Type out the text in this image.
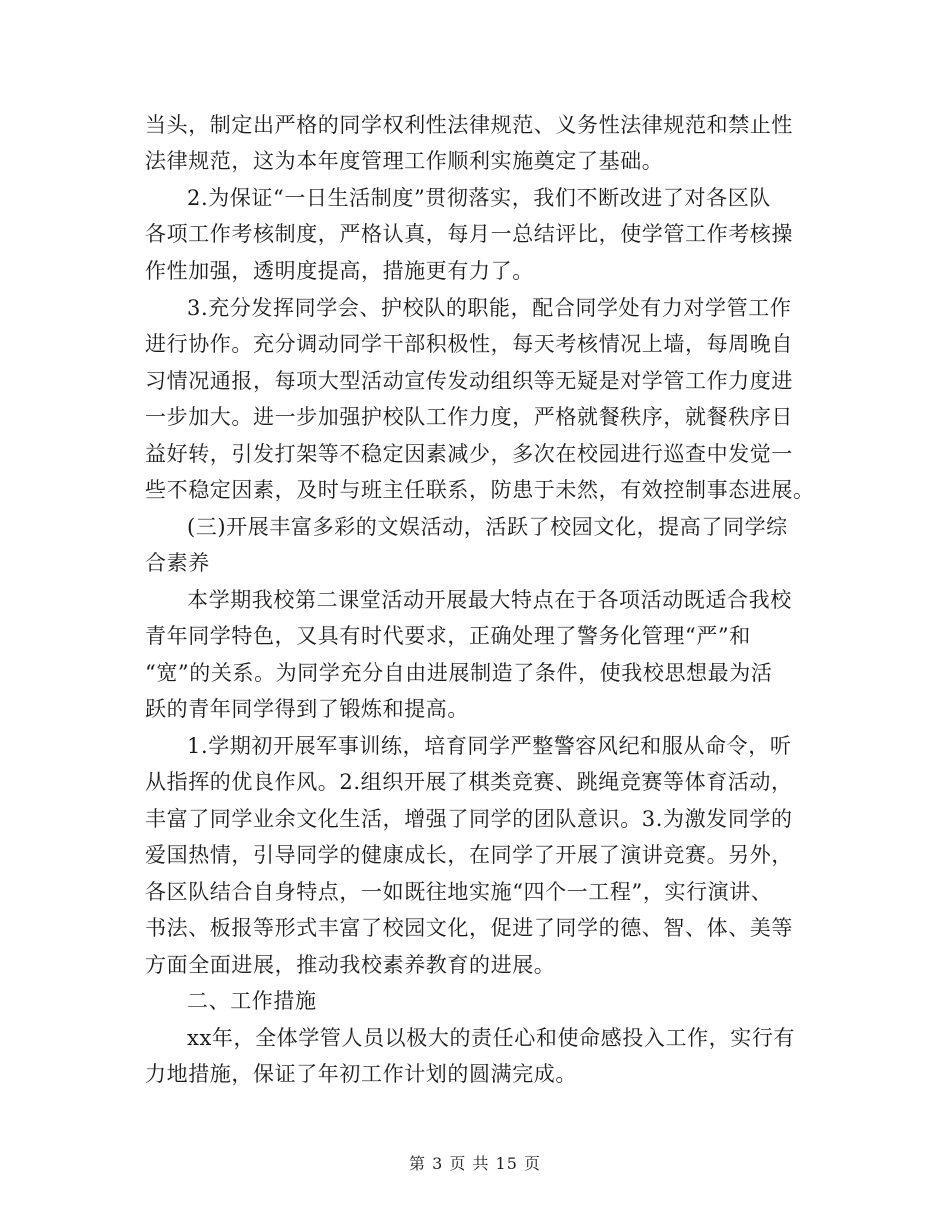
当头，制定出严格的同学权利性法律规范、义务性法律规范和禁止性
法律规范，这为本年度管理工作顺利实施奠定了基础。
2.为保证“一日生活制度”贯彻落实，我们不断改进了对各区队
各项工作考核制度，严格认真，每月一总结评比，使学管工作考核操
作性加强，透明度提高，措施更有力了。
3.充分发挥同学会、护校队的职能，配合同学处有力对学管工作
进行协作。充分调动同学干部积极性，每天考核情况上墙，每周晚自
习情况通报，每项大型活动宣传发动组织等无疑是对学管工作力度进
一步加大。进一步加强护校队工作力度，严格就餐秩序，就餐秩序日
益好转，引发打架等不稳定因素减少，多次在校园进行巡查中发觉一
些不稳定因素，及时与班主任联系，防患于未然，有效控制事态进展。
(三)开展丰富多彩的文娱活动，活跃了校园文化，提高了同学综
合素养
本学期我校第二课堂活动开展最大特点在于各项活动既适合我校
青年同学特色，又具有时代要求，正确处理了警务化管理“严”和
“宽”的关系。为同学充分自由进展制造了条件，使我校思想最为活
跃的青年同学得到了锻炼和提高。
1.学期初开展军事训练，培育同学严整警容风纪和服从命令，听
从指挥的优良作风。2.组织开展了棋类竞赛、跳绳竞赛等体育活动，
丰富了同学业余文化生活，增强了同学的团队意识。3.为激发同学的
爱国热情，引导同学的健康成长，在同学了开展了演讲竞赛。另外，
各区队结合自身特点，一如既往地实施“四个一工程”，实行演讲、
书法、板报等形式丰富了校园文化，促进了同学的德、智、体、美等
方面全面进展，推动我校素养教育的进展。
二、工作措施
xx年，全体学管人员以极大的责任心和使命感投入工作，实行有
力地措施，保证了年初工作计划的圆满完成。
第 3 页 共 15 页
